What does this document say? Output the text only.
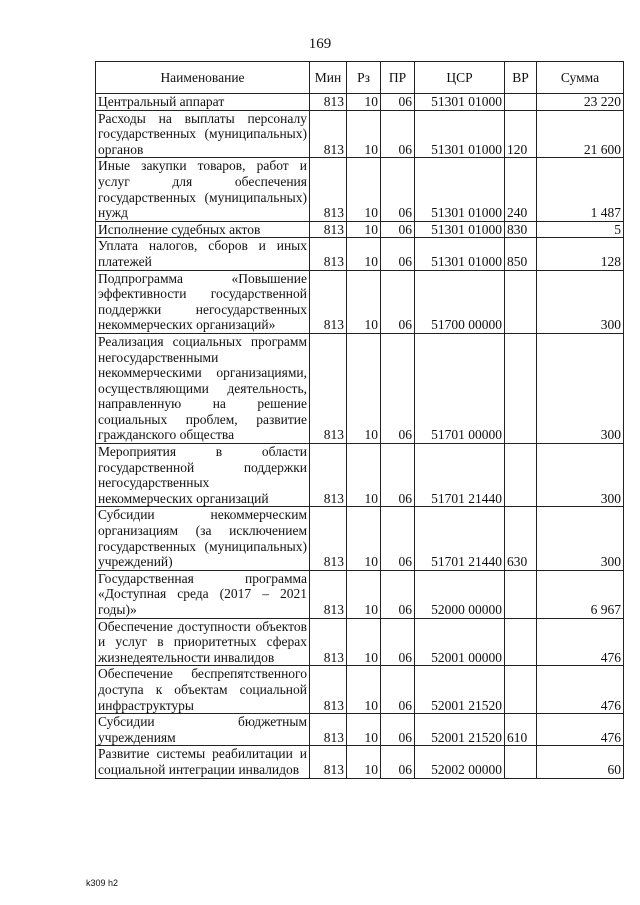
169
Наименование	Мин	Рз	ПР	ЦСР	ВР	Сумма
Центральный аппарат	813	10	06	51301 01000		23 220
Расходы на выплаты персоналу государственных (муниципальных) органов	813	10	06	51301 01000	120	21 600
Иные закупки товаров, работ и услуг для обеспечения государственных (муниципальных) нужд	813	10	06	51301 01000	240	1 487
Исполнение судебных актов	813	10	06	51301 01000	830	5
Уплата налогов, сборов и иных платежей	813	10	06	51301 01000	850	128
Подпрограмма «Повышение эффективности государственной поддержки негосударственных некоммерческих организаций»	813	10	06	51700 00000		300
Реализация социальных программ негосударственными некоммерческими организациями, осуществляющими деятельность, направленную на решение социальных проблем, развитие гражданского общества	813	10	06	51701 00000		300
Мероприятия в области государственной поддержки негосударственных некоммерческих организаций	813	10	06	51701 21440		300
Субсидии некоммерческим организациям (за исключением государственных (муниципальных) учреждений)	813	10	06	51701 21440	630	300
Государственная программа «Доступная среда (2017 – 2021 годы)»	813	10	06	52000 00000		6 967
Обеспечение доступности объектов и услуг в приоритетных сферах жизнедеятельности инвалидов	813	10	06	52001 00000		476
Обеспечение беспрепятственного доступа к объектам социальной инфраструктуры	813	10	06	52001 21520		476
Субсидии бюджетным учреждениям	813	10	06	52001 21520	610	476
Развитие системы реабилитации и социальной интеграции инвалидов	813	10	06	52002 00000		60
k309 h2
